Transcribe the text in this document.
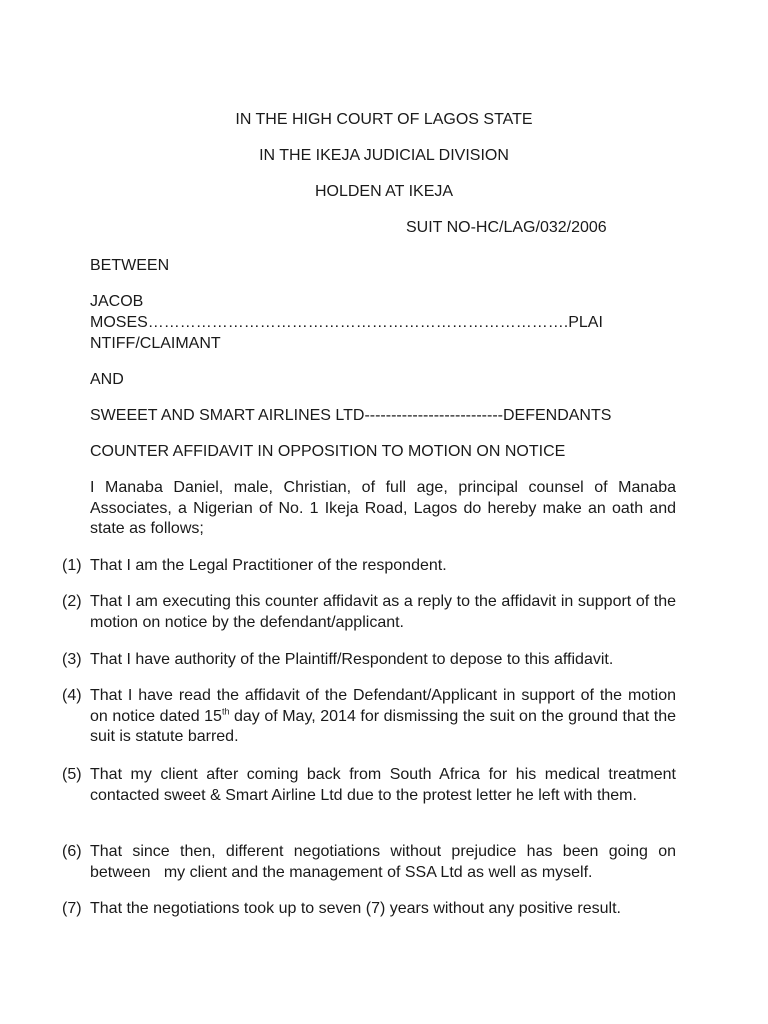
IN THE HIGH COURT OF LAGOS STATE
IN THE IKEJA JUDICIAL DIVISION
HOLDEN AT IKEJA
SUIT NO-HC/LAG/032/2006
BETWEEN
JACOB
MOSES…………………………………………………………………….PLAI
NTIFF/CLAIMANT
AND
SWEEET AND SMART AIRLINES LTD--------------------------DEFENDANTS
COUNTER AFFIDAVIT IN OPPOSITION TO MOTION ON NOTICE
I Manaba Daniel, male, Christian, of full age, principal counsel of Manaba Associates, a Nigerian of No. 1 Ikeja Road, Lagos do hereby make an oath and state as follows;
(1) That I am the Legal Practitioner of the respondent.
(2) That I am executing this counter affidavit as a reply to the affidavit in support of the motion on notice by the defendant/applicant.
(3) That I have authority of the Plaintiff/Respondent to depose to this affidavit.
(4) That I have read the affidavit of the Defendant/Applicant in support of the motion on notice dated 15th day of May, 2014 for dismissing the suit on the ground that the suit is statute barred.
(5) That my client after coming back from South Africa for his medical treatment contacted sweet & Smart Airline Ltd due to the protest letter he left with them.
(6) That since then, different negotiations without prejudice has been going on between   my client and the management of SSA Ltd as well as myself.
(7) That the negotiations took up to seven (7) years without any positive result.
